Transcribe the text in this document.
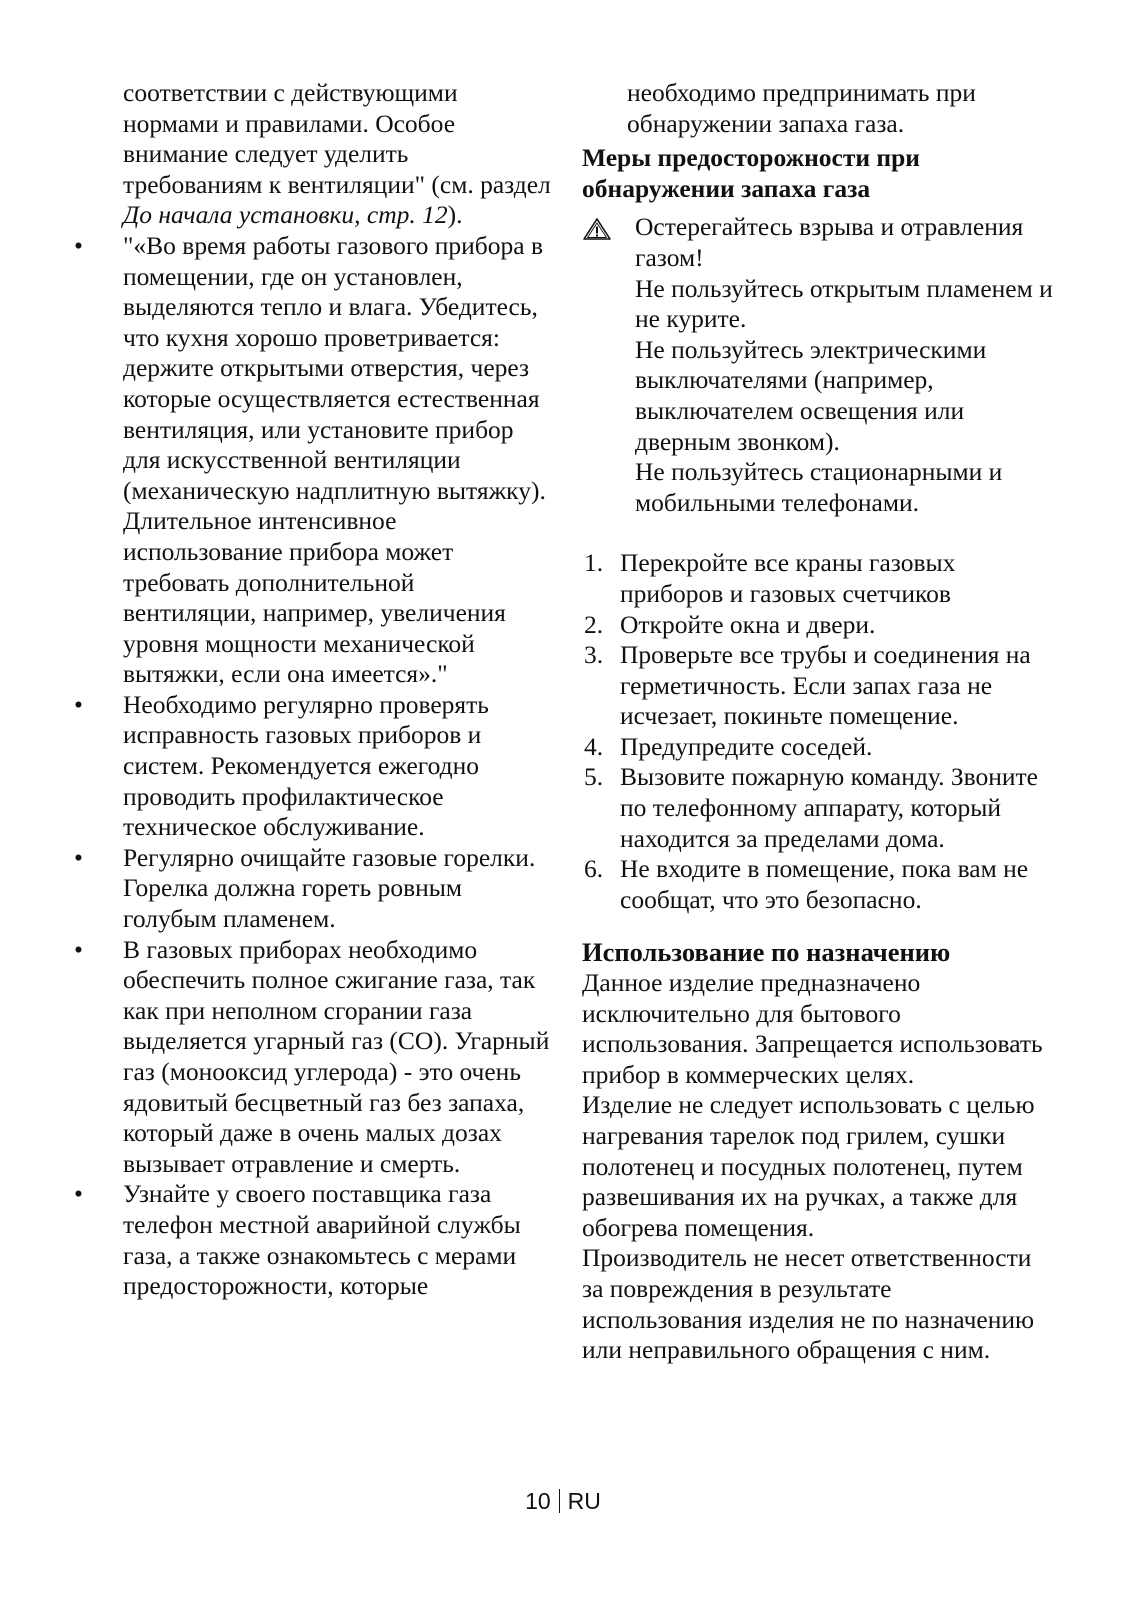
соответствии с действующими нормами и правилами. Особое внимание следует уделить требованиям к вентиляции" (см. раздел До начала установки, стр. 12).

•	"«Во время работы газового прибора в помещении, где он установлен, выделяются тепло и влага. Убедитесь, что кухня хорошо проветривается: держите открытыми отверстия, через которые осуществляется естественная вентиляция, или установите прибор для искусственной вентиляции (механическую надплитную вытяжку). Длительное интенсивное использование прибора может требовать дополнительной вентиляции, например, увеличения уровня мощности механической вытяжки, если она имеется»."

•	Необходимо регулярно проверять исправность газовых приборов и систем. Рекомендуется ежегодно проводить профилактическое техническое обслуживание.

•	Регулярно очищайте газовые горелки. Горелка должна гореть ровным голубым пламенем.

•	В газовых приборах необходимо обеспечить полное сжигание газа, так как при неполном сгорании газа выделяется угарный газ (CO). Угарный газ (монооксид углерода) - это очень ядовитый бесцветный газ без запаха, который даже в очень малых дозах вызывает отравление и смерть.

•	Узнайте у своего поставщика газа телефон местной аварийной службы газа, а также ознакомьтесь с мерами предосторожности, которые

необходимо предпринимать при обнаружении запаха газа.

Меры предосторожности при обнаружении запаха газа

Остерегайтесь взрыва и отравления газом!

Не пользуйтесь открытым пламенем и не курите.

Не пользуйтесь электрическими выключателями (например, выключателем освещения или дверным звонком).

Не пользуйтесь стационарными и мобильными телефонами.

1. Перекройте все краны газовых приборов и газовых счетчиков
2. Откройте окна и двери.
3. Проверьте все трубы и соединения на герметичность. Если запах газа не исчезает, покиньте помещение.
4. Предупредите соседей.
5. Вызовите пожарную команду. Звоните по телефонному аппарату, который находится за пределами дома.
6. Не входите в помещение, пока вам не сообщат, что это безопасно.

Использование по назначению

Данное изделие предназначено исключительно для бытового использования. Запрещается использовать прибор в коммерческих целях.

Изделие не следует использовать с целью нагревания тарелок под грилем, сушки полотенец и посудных полотенец, путем развешивания их на ручках, а также для обогрева помещения.

Производитель не несет ответственности за повреждения в результате использования изделия не по назначению или неправильного обращения с ним.

10 RU
